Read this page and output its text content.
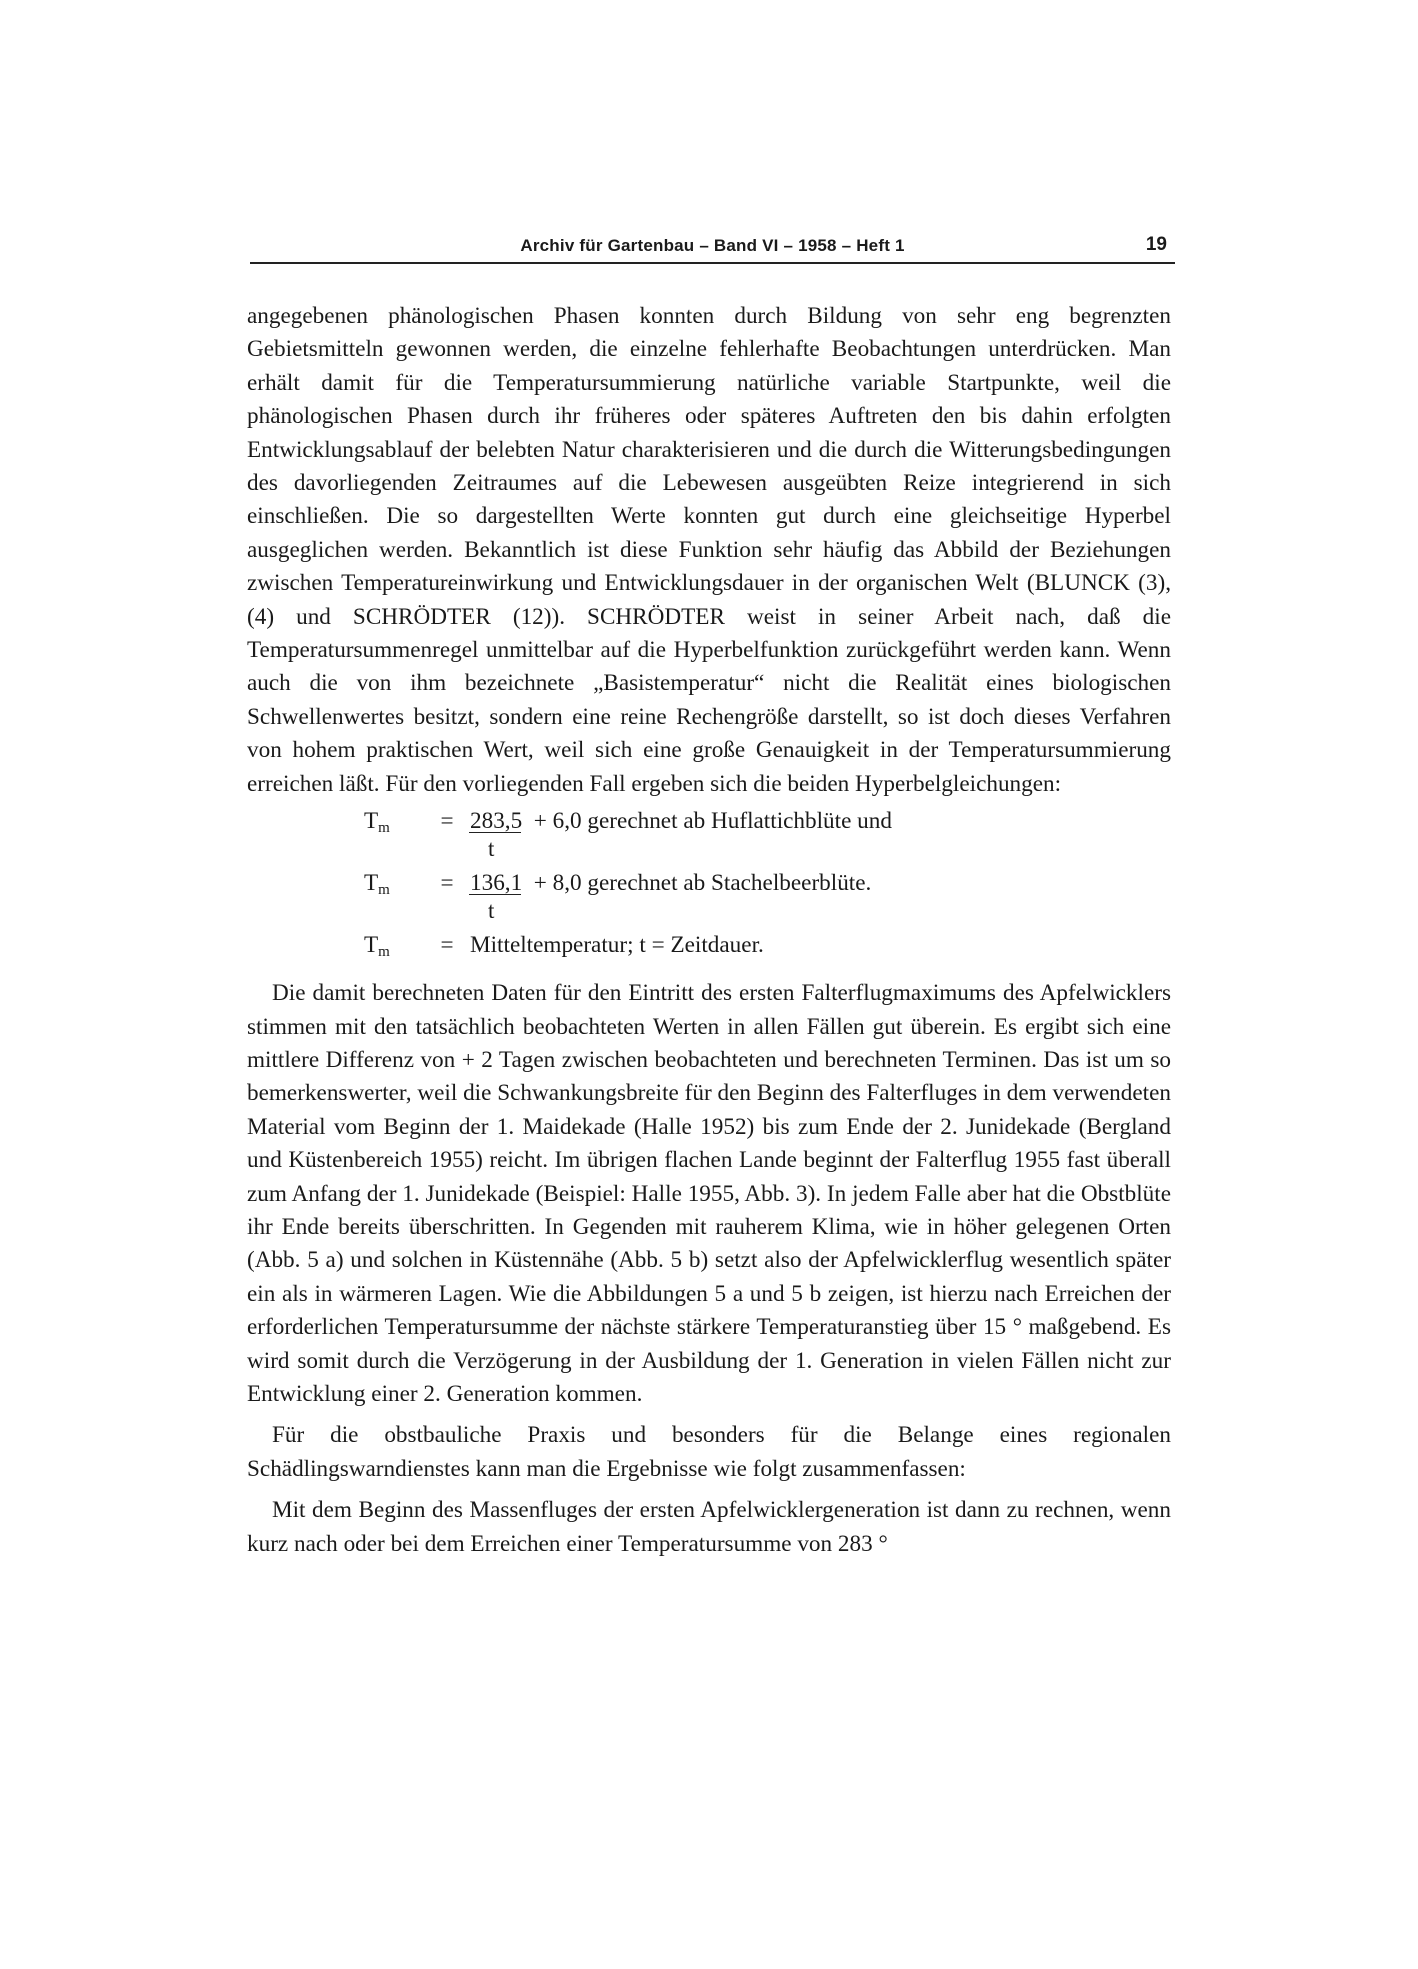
Archiv für Gartenbau – Band VI – 1958 – Heft 1	19

angegebenen phänologischen Phasen konnten durch Bildung von sehr eng begrenzten Gebietsmitteln gewonnen werden, die einzelne fehlerhafte Beobachtungen unterdrücken. Man erhält damit für die Temperatursummierung natürliche variable Startpunkte, weil die phänologischen Phasen durch ihr früheres oder späteres Auftreten den bis dahin erfolgten Entwicklungsablauf der belebten Natur charakterisieren und die durch die Witterungsbedingungen des davorliegenden Zeitraumes auf die Lebewesen ausgeübten Reize integrierend in sich einschließen. Die so dargestellten Werte konnten gut durch eine gleichseitige Hyperbel ausgeglichen werden. Bekanntlich ist diese Funktion sehr häufig das Abbild der Beziehungen zwischen Temperatureinwirkung und Entwicklungsdauer in der organischen Welt (BLUNCK (3), (4) und SCHRÖDTER (12)). SCHRÖDTER weist in seiner Arbeit nach, daß die Temperatursummenregel unmittelbar auf die Hyperbelfunktion zurückgeführt werden kann. Wenn auch die von ihm bezeichnete „Basistemperatur“ nicht die Realität eines biologischen Schwellenwertes besitzt, sondern eine reine Rechengröße darstellt, so ist doch dieses Verfahren von hohem praktischen Wert, weil sich eine große Genauigkeit in der Temperatursummierung erreichen läßt. Für den vorliegenden Fall ergeben sich die beiden Hyperbelgleichungen:

$T_m = 283,5 + 6,0$ gerechnet ab Huflattichblüte und
t
$T_m = 136,1 + 8,0$ gerechnet ab Stachelbeerblüte.
t
$T_m$ = Mitteltemperatur; t = Zeitdauer.

Die damit berechneten Daten für den Eintritt des ersten Falterflugmaximums des Apfelwicklers stimmen mit den tatsächlich beobachteten Werten in allen Fällen gut überein. Es ergibt sich eine mittlere Differenz von + 2 Tagen zwischen beobachteten und berechneten Terminen. Das ist um so bemerkenswerter, weil die Schwankungsbreite für den Beginn des Falterfluges in dem verwendeten Material vom Beginn der 1. Maidekade (Halle 1952) bis zum Ende der 2. Junidekade (Bergland und Küstenbereich 1955) reicht. Im übrigen flachen Lande beginnt der Falterflug 1955 fast überall zum Anfang der 1. Junidekade (Beispiel: Halle 1955, Abb. 3). In jedem Falle aber hat die Obstblüte ihr Ende bereits überschritten. In Gegenden mit rauherem Klima, wie in höher gelegenen Orten (Abb. 5 a) und solchen in Küstennähe (Abb. 5 b) setzt also der Apfelwicklerflug wesentlich später ein als in wärmeren Lagen. Wie die Abbildungen 5 a und 5 b zeigen, ist hierzu nach Erreichen der erforderlichen Temperatursumme der nächste stärkere Temperaturanstieg über 15 ° maßgebend. Es wird somit durch die Verzögerung in der Ausbildung der 1. Generation in vielen Fällen nicht zur Entwicklung einer 2. Generation kommen.

Für die obstbauliche Praxis und besonders für die Belange eines regionalen Schädlingswarndienstes kann man die Ergebnisse wie folgt zusammenfassen:

Mit dem Beginn des Massenfluges der ersten Apfelwicklergeneration ist dann zu rechnen, wenn kurz nach oder bei dem Erreichen einer Temperatursumme von 283 °
